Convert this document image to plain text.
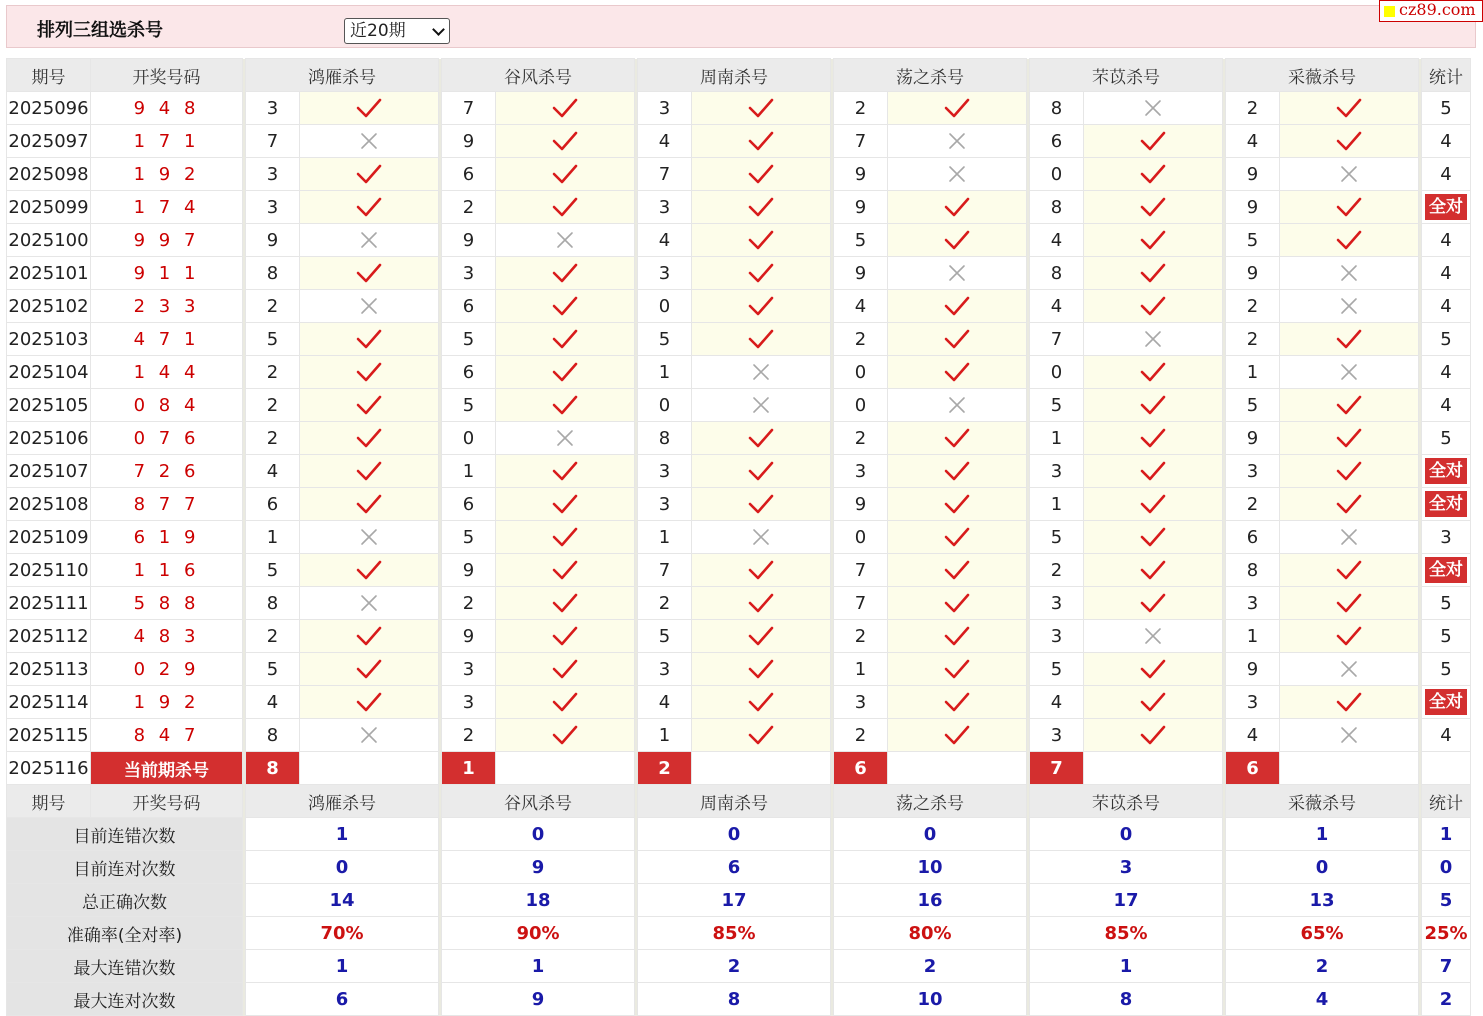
排列三组选杀号	近20期
cz89.com
期号	开奖号码		鸿雁杀号			谷风杀号			周南杀号			荡之杀号			芣苡杀号			采薇杀号			统计
2025096	9 4 8		3			7			3			2			8			2			5
2025097	1 7 1		7			9			4			7			6			4			4
2025098	1 9 2		3			6			7			9			0			9			4
2025099	1 7 4		3			2			3			9			8			9			全对
2025100	9 9 7		9			9			4			5			4			5			4
2025101	9 1 1		8			3			3			9			8			9			4
2025102	2 3 3		2			6			0			4			4			2			4
2025103	4 7 1		5			5			5			2			7			2			5
2025104	1 4 4		2			6			1			0			0			1			4
2025105	0 8 4		2			5			0			0			5			5			4
2025106	0 7 6		2			0			8			2			1			9			5
2025107	7 2 6		4			1			3			3			3			3			全对
2025108	8 7 7		6			6			3			9			1			2			全对
2025109	6 1 9		1			5			1			0			5			6			3
2025110	1 1 6		5			9			7			7			2			8			全对
2025111	5 8 8		8			2			2			7			3			3			5
2025112	4 8 3		2			9			5			2			3			1			5
2025113	0 2 9		5			3			3			1			5			9			5
2025114	1 9 2		4			3			4			3			4			3			全对
2025115	8 4 7		8			2			1			2			3			4			4
2025116	当前期杀号		8			1			2			6			7			6			
期号	开奖号码		鸿雁杀号			谷风杀号			周南杀号			荡之杀号			芣苡杀号			采薇杀号			统计
目前连错次数			1			0			0			0			0			1			1
目前连对次数			0			9			6			10			3			0			0
总正确次数			14			18			17			16			17			13			5
准确率(全对率)			70%			90%			85%			80%			85%			65%			25%
最大连错次数			1			1			2			2			1			2			7
最大连对次数			6			9			8			10			8			4			2
